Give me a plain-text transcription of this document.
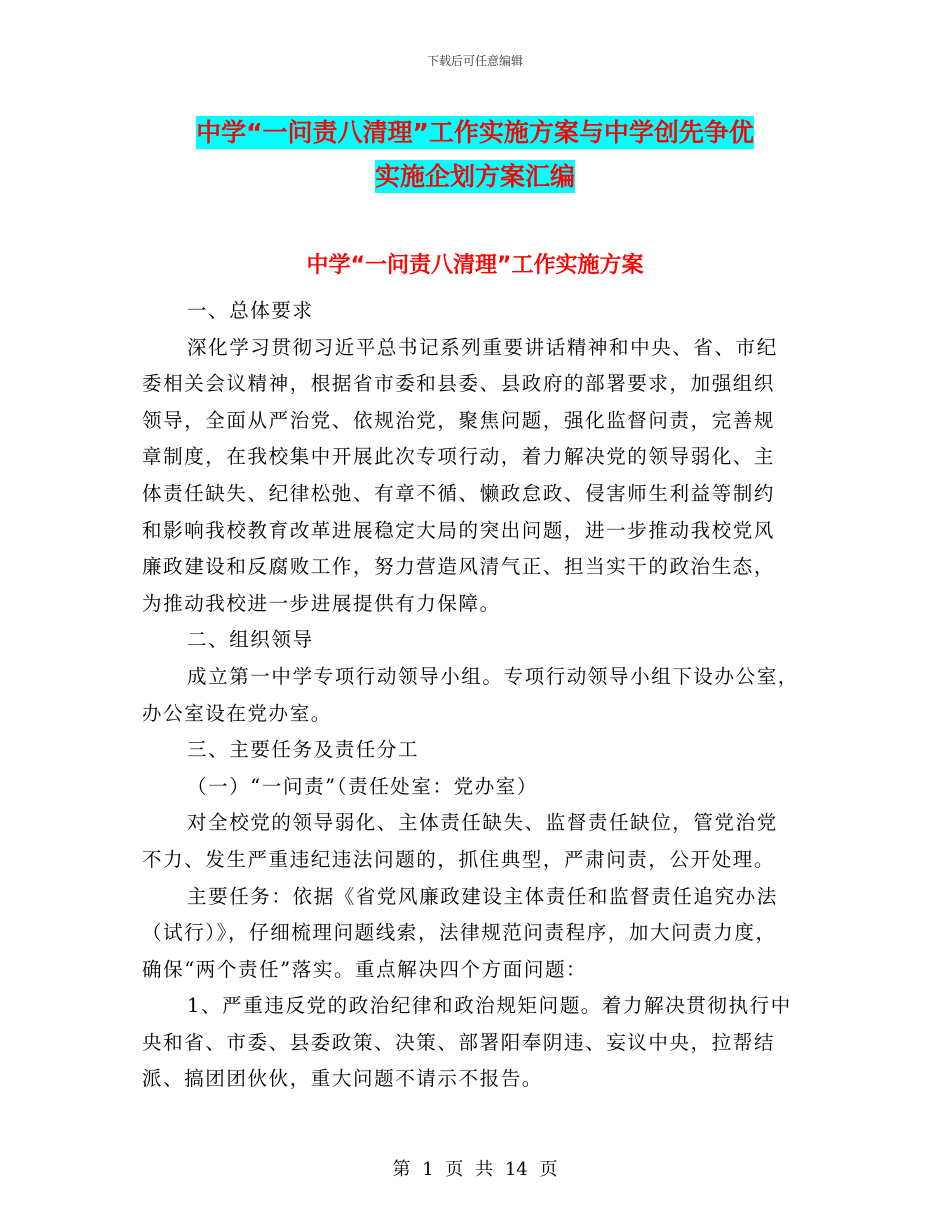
下载后可任意编辑
中学“一问责八清理”工作实施方案与中学创先争优
实施企划方案汇编
中学“一问责八清理”工作实施方案
一、总体要求
深化学习贯彻习近平总书记系列重要讲话精神和中央、省、市纪
委相关会议精神，根据省市委和县委、县政府的部署要求，加强组织
领导，全面从严治党、依规治党，聚焦问题，强化监督问责，完善规
章制度，在我校集中开展此次专项行动，着力解决党的领导弱化、主
体责任缺失、纪律松弛、有章不循、懒政怠政、侵害师生利益等制约
和影响我校教育改革进展稳定大局的突出问题，进一步推动我校党风
廉政建设和反腐败工作，努力营造风清气正、担当实干的政治生态，
为推动我校进一步进展提供有力保障。
二、组织领导
成立第一中学专项行动领导小组。专项行动领导小组下设办公室，
办公室设在党办室。
三、主要任务及责任分工
（一）“一问责”（责任处室：党办室）
对全校党的领导弱化、主体责任缺失、监督责任缺位，管党治党
不力、发生严重违纪违法问题的，抓住典型，严肃问责，公开处理。
主要任务：依据《省党风廉政建设主体责任和监督责任追究办法
（试行）》，仔细梳理问题线索，法律规范问责程序，加大问责力度，
确保“两个责任”落实。重点解决四个方面问题：
1、严重违反党的政治纪律和政治规矩问题。着力解决贯彻执行中
央和省、市委、县委政策、决策、部署阳奉阴违、妄议中央，拉帮结
派、搞团团伙伙，重大问题不请示不报告。
第 1 页 共 14 页
